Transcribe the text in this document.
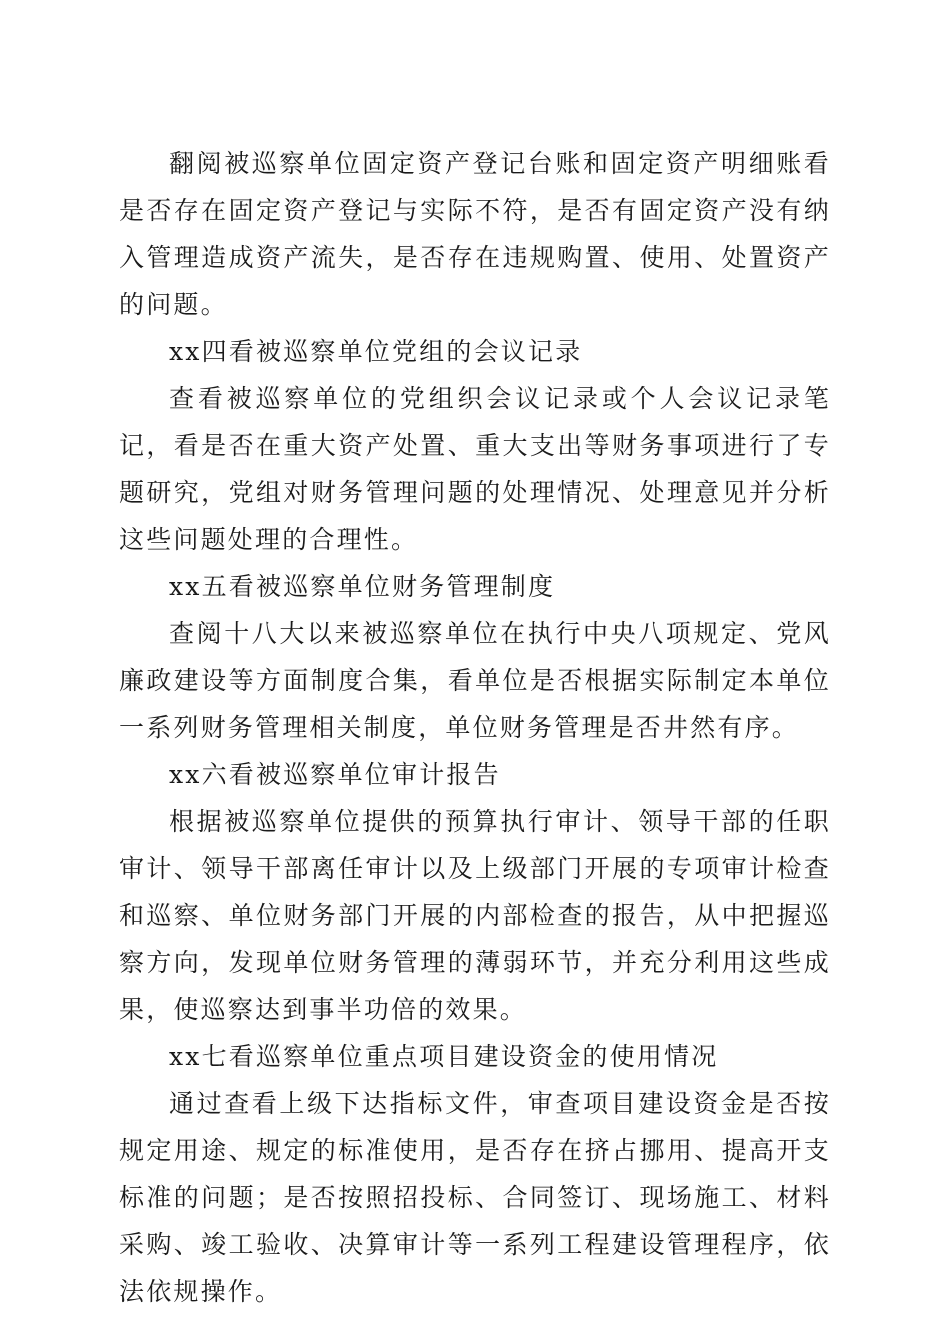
翻阅被巡察单位固定资产登记台账和固定资产明细账看是否存在固定资产登记与实际不符，是否有固定资产没有纳入管理造成资产流失，是否存在违规购置、使用、处置资产的问题。

xx四看被巡察单位党组的会议记录

查看被巡察单位的党组织会议记录或个人会议记录笔记，看是否在重大资产处置、重大支出等财务事项进行了专题研究，党组对财务管理问题的处理情况、处理意见并分析这些问题处理的合理性。

xx五看被巡察单位财务管理制度

查阅十八大以来被巡察单位在执行中央八项规定、党风廉政建设等方面制度合集，看单位是否根据实际制定本单位一系列财务管理相关制度，单位财务管理是否井然有序。

xx六看被巡察单位审计报告

根据被巡察单位提供的预算执行审计、领导干部的任职审计、领导干部离任审计以及上级部门开展的专项审计检查和巡察、单位财务部门开展的内部检查的报告，从中把握巡察方向，发现单位财务管理的薄弱环节，并充分利用这些成果，使巡察达到事半功倍的效果。

xx七看巡察单位重点项目建设资金的使用情况

通过查看上级下达指标文件，审查项目建设资金是否按规定用途、规定的标准使用，是否存在挤占挪用、提高开支标准的问题；是否按照招投标、合同签订、现场施工、材料采购、竣工验收、决算审计等一系列工程建设管理程序，依法依规操作。
